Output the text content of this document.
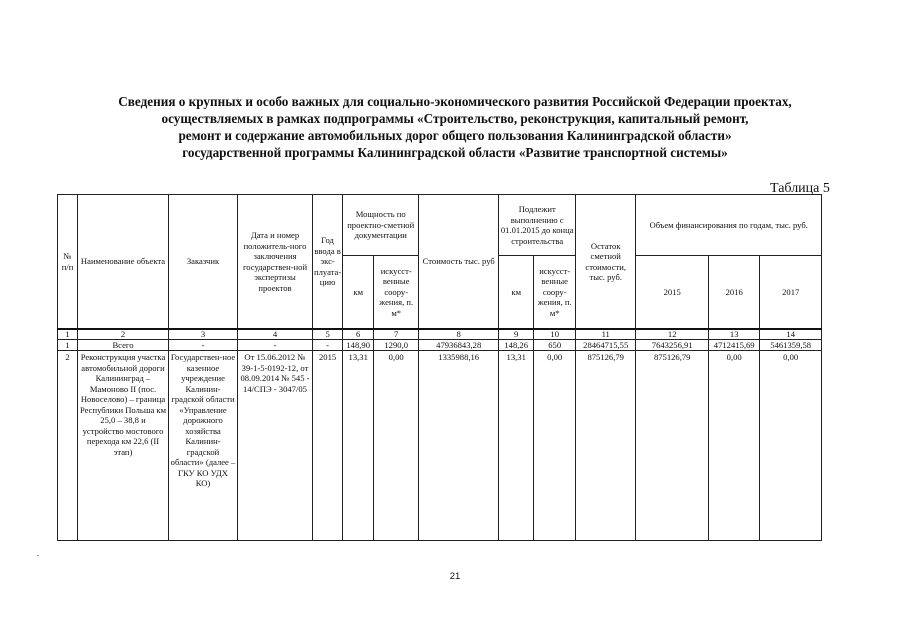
Сведения о крупных и особо важных для социально-экономического развития Российской Федерации проектах,
осуществляемых в рамках подпрограммы «Строительство, реконструкция, капитальный ремонт,
ремонт и содержание автомобильных дорог общего пользования Калининградской области»
государственной программы Калининградской области «Развитие транспортной системы»
Таблица 5
№ п/п	Наименование объекта	Заказчик	Дата и номер положитель-ного заключения государствен-ной экспертизы проектов	Год ввода в экс-плуата-цию	Мощность по проектно-сметной документации		Стоимость тыс. руб	Подлежит выполнению с 01.01.2015 до конца строительства		Остаток сметной стоимости, тыс. руб.	Объем финансирования по годам, тыс. руб.		
					км	искусст-венные соору-жения, п. м*		км	искусст-венные соору-жения, п. м*		2015	2016	2017
1	2	3	4	5	6	7	8	9	10	11	12	13	14
1	Всего	-	-	-	148,90	1290,0	47936843,28	148,26	650	28464715,55	7643256,91	4712415,69	5461359,58
2	Реконструкция участка автомобильной дороги Калининград – Мамоново II (пос. Новоселово) – граница Республики Польша км 25,0 – 38,8 и устройство мостового перехода км 22,6 (II этап)	Государствен-ное казенное учреждение Калинин-градской области «Управление дорожного хозяйства Калинин-градской области» (далее – ГКУ КО УДХ КО)	От 15.06.2012 № 39-1-5-0192-12, от 08.09.2014 № 545 - 14/СПЭ - 3047/05	2015	13,31	0,00	1335988,16	13,31	0,00	875126,79	875126,79	0,00	0,00
21
